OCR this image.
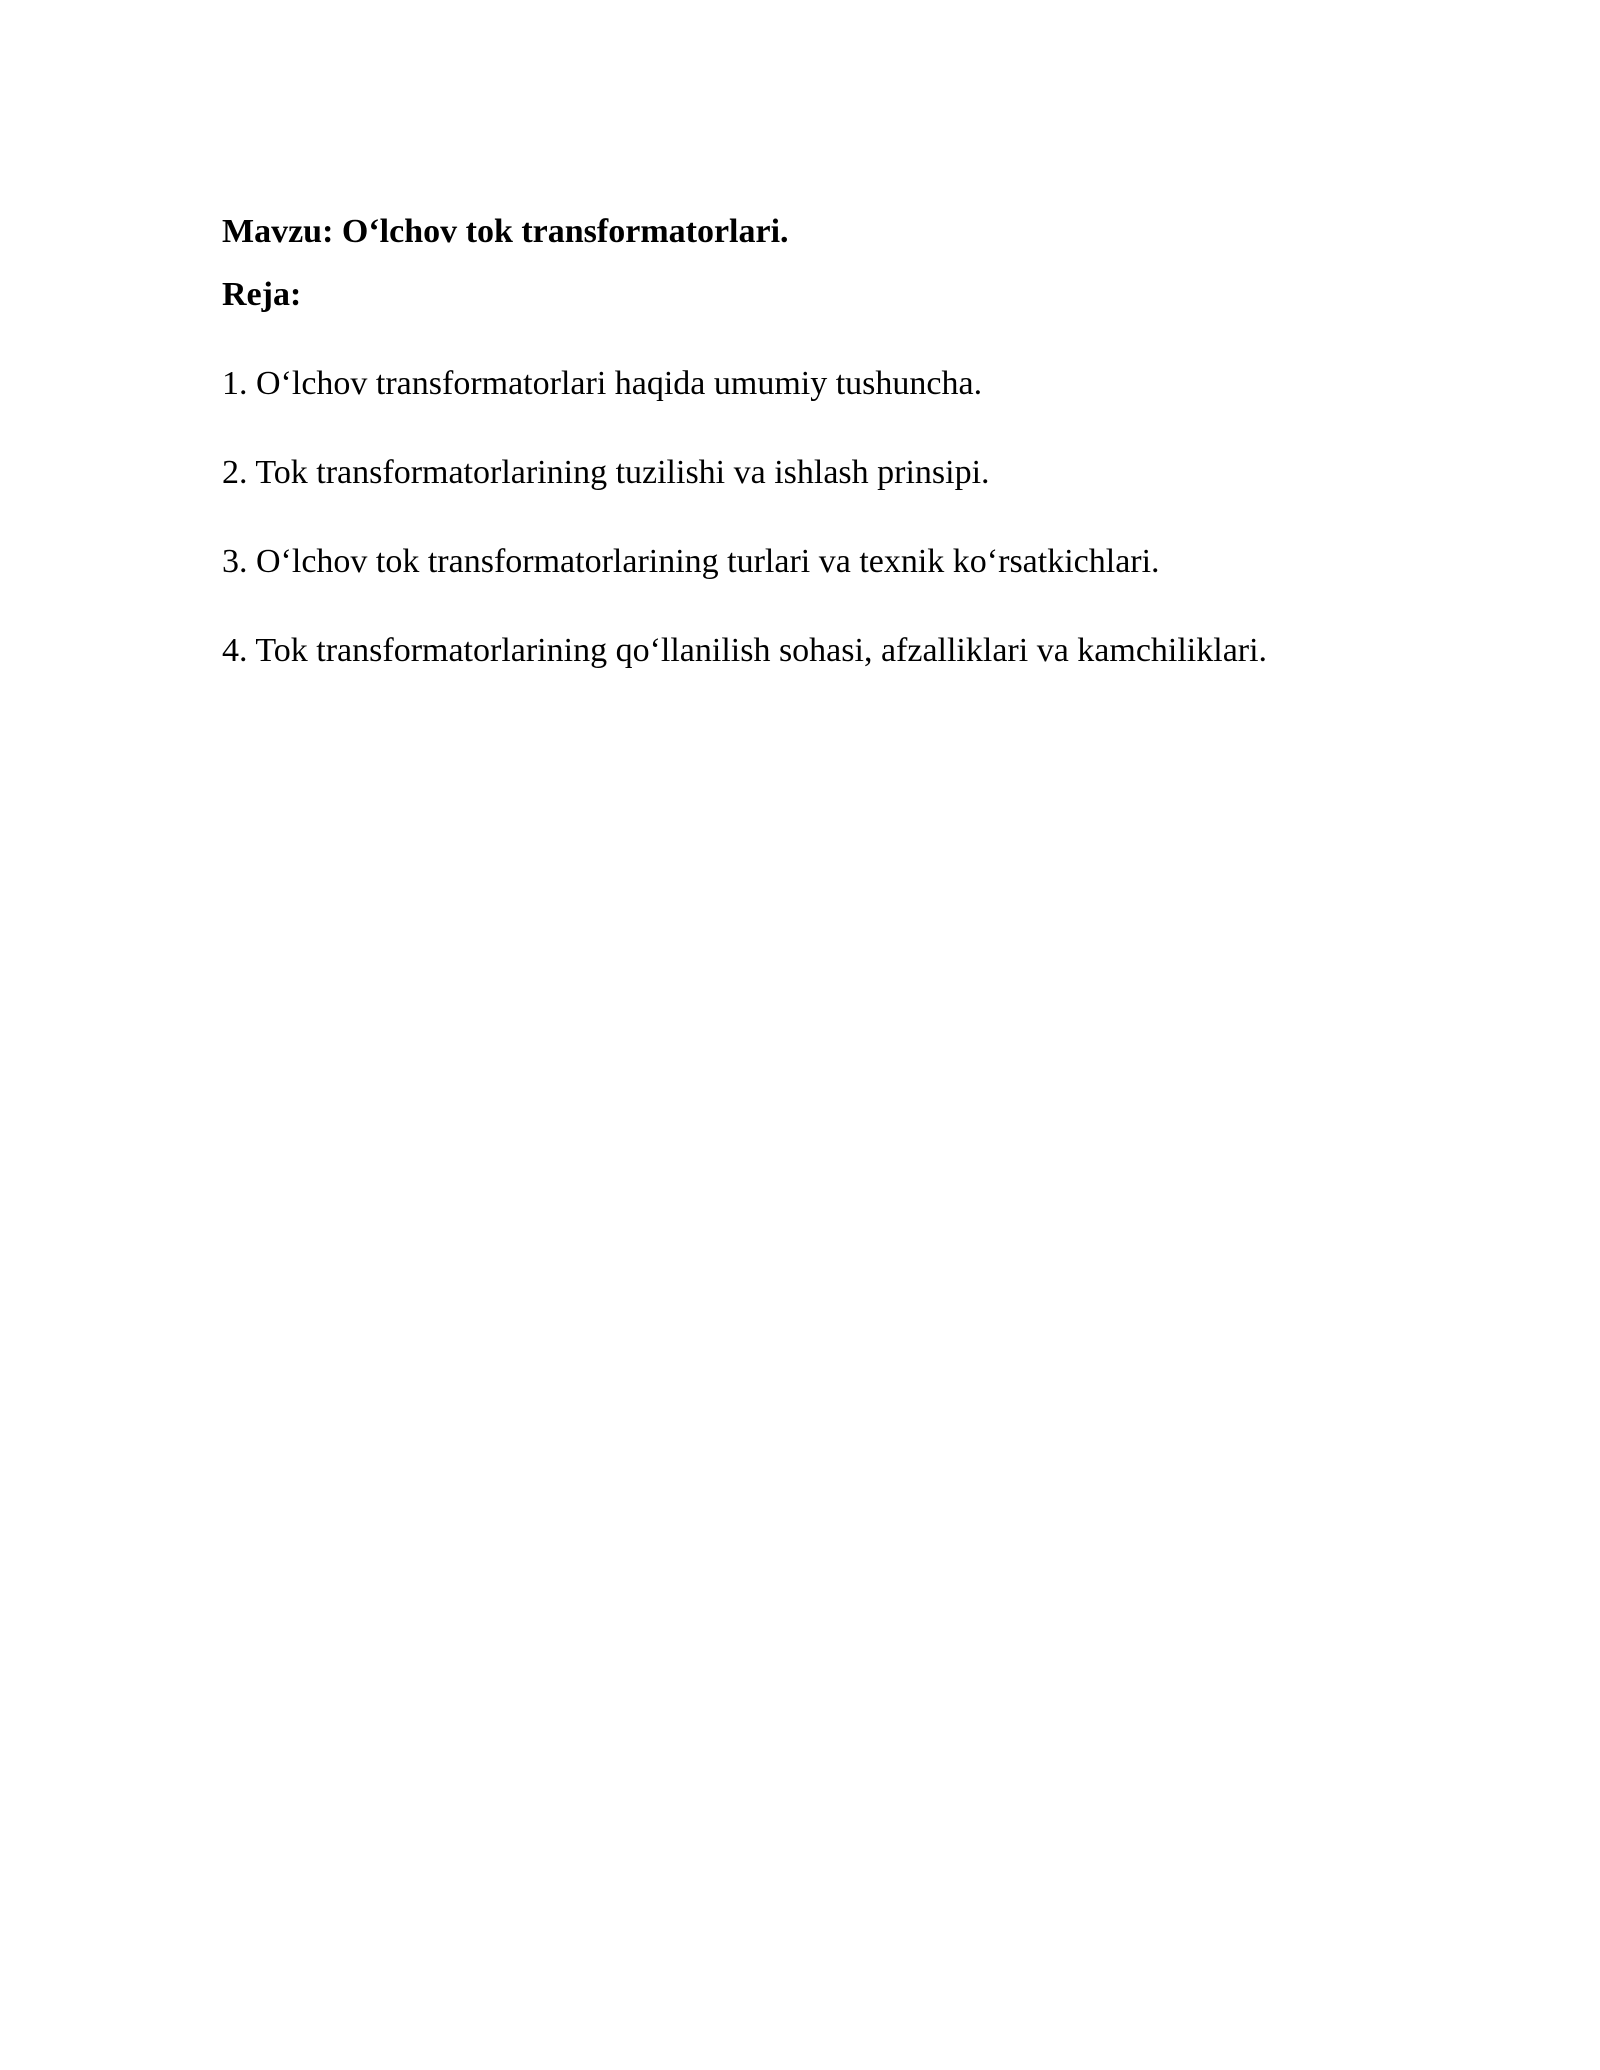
Mavzu: O‘lchov tok transformatorlari.

Reja:

1. O‘lchov transformatorlari haqida umumiy tushuncha.
2. Tok transformatorlarining tuzilishi va ishlash prinsipi.
3. O‘lchov tok transformatorlarining turlari va texnik ko‘rsatkichlari.
4. Tok transformatorlarining qo‘llanilish sohasi, afzalliklari va kamchiliklari.
